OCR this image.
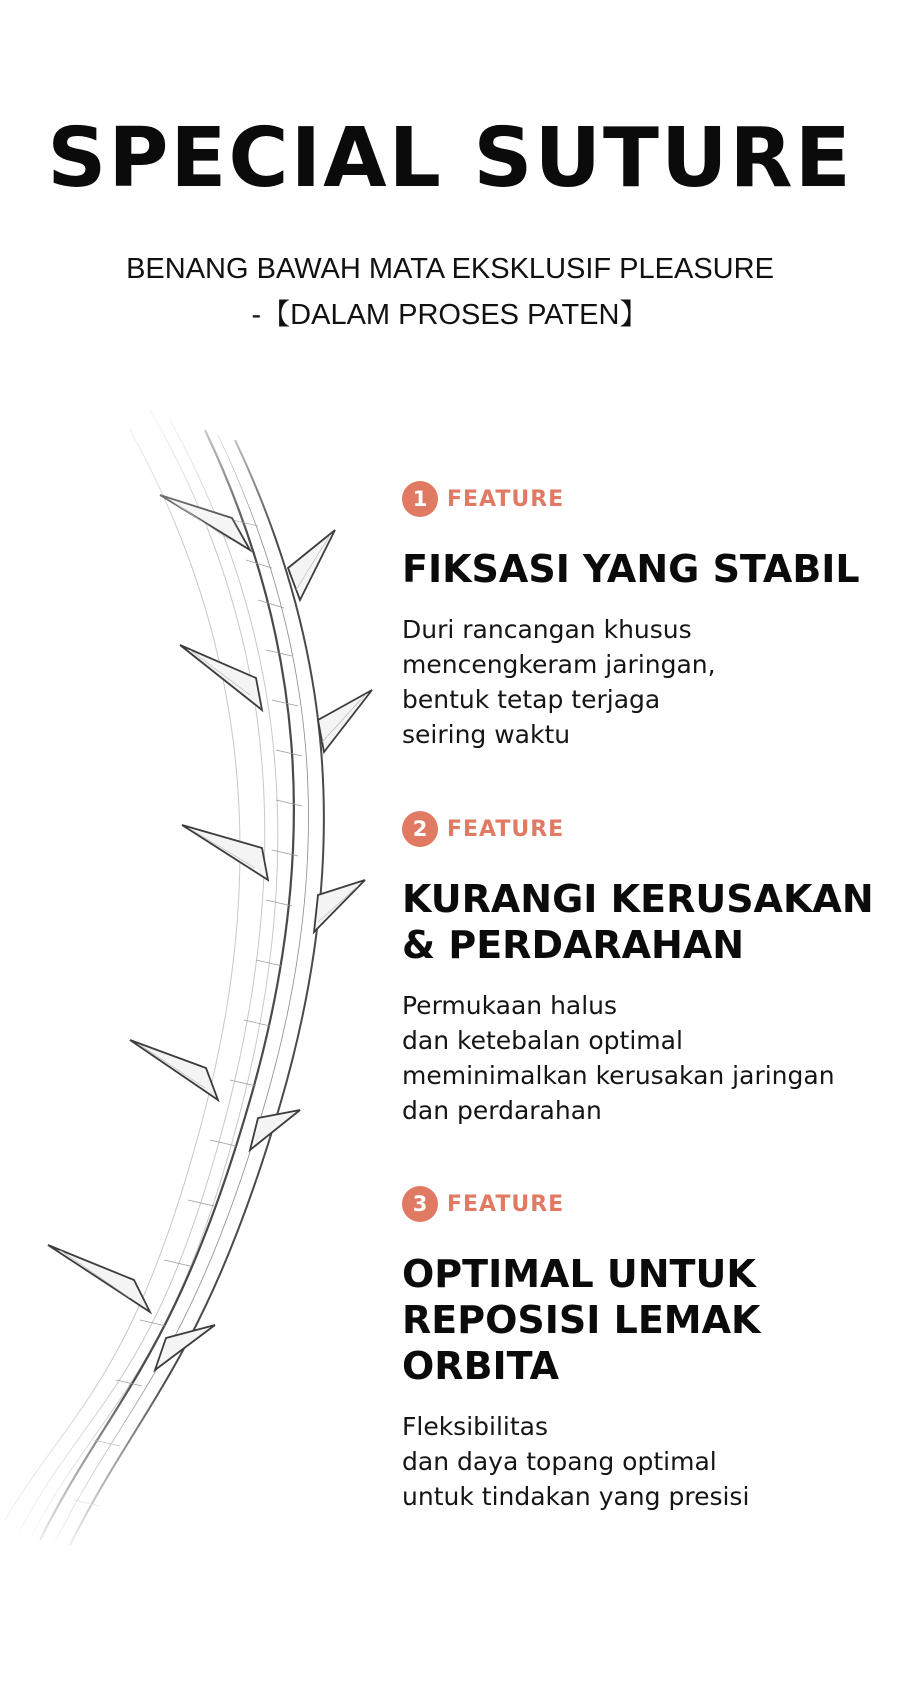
SPECIAL SUTURE
BENANG BAWAH MATA EKSKLUSIF PLEASURE
-【DALAM PROSES PATEN】
1 FEATURE
FIKSASI YANG STABIL
Duri rancangan khusus
mencengkeram jaringan,
bentuk tetap terjaga
seiring waktu
2 FEATURE
KURANGI KERUSAKAN
& PERDARAHAN
Permukaan halus
dan ketebalan optimal
meminimalkan kerusakan jaringan
dan perdarahan
3 FEATURE
OPTIMAL UNTUK
REPOSISI LEMAK
ORBITA
Fleksibilitas
dan daya topang optimal
untuk tindakan yang presisi
